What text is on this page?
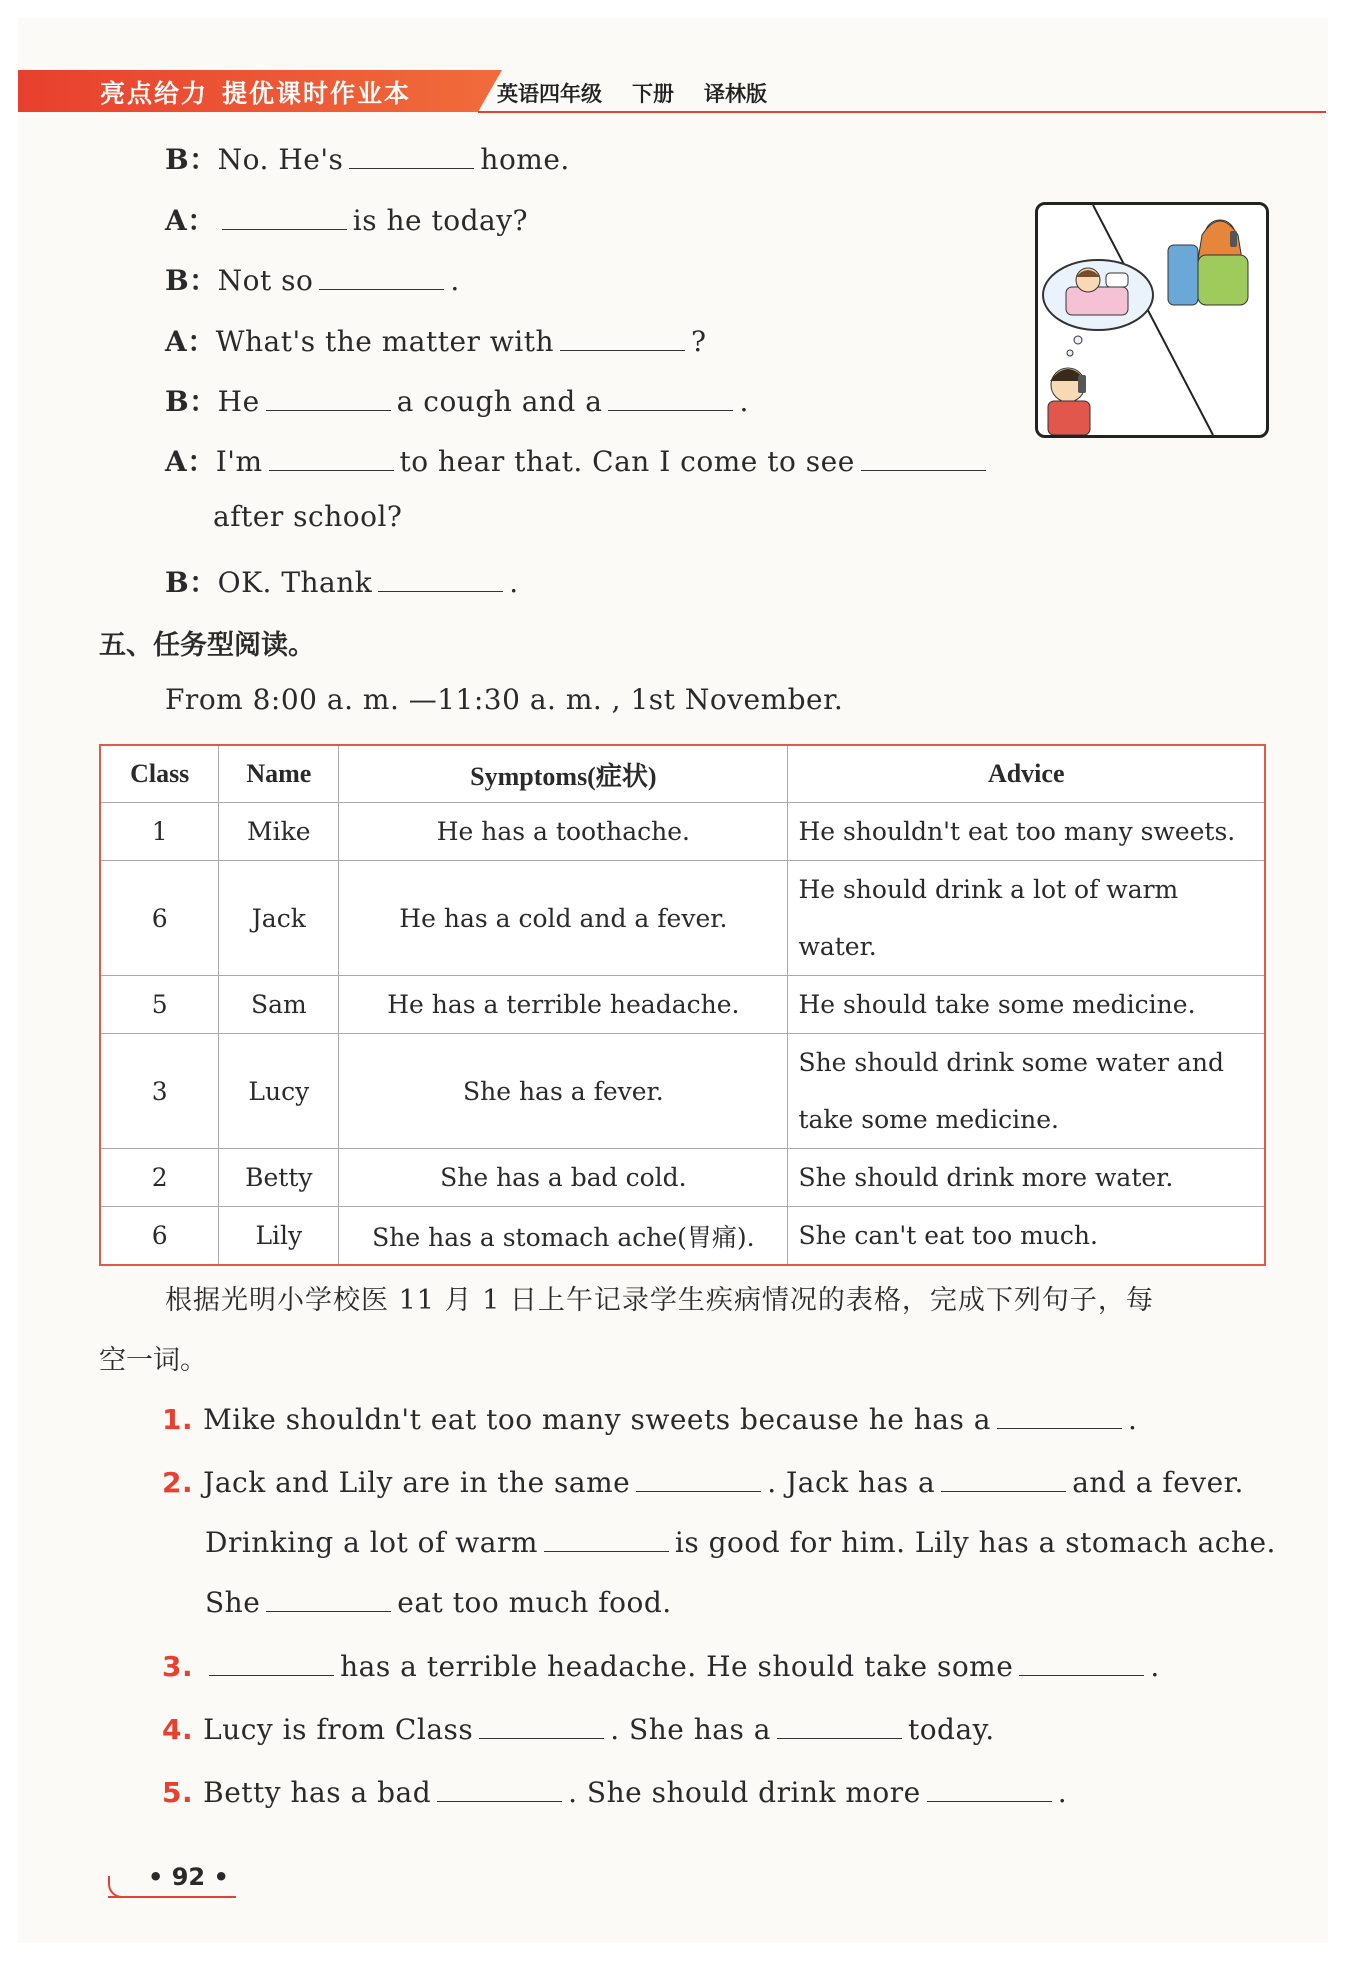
亮点给力 提优课时作业本	英语四年级 下册 译林版
B：No. He's	home.
A：	is he today?
B：Not so	.
A：What's the matter with	?
B：He	a cough and a	.
A：I'm	to hear that. Can I come to see
after school?
B：OK. Thank	.
五、任务型阅读。
From 8:00 a. m. —11:30 a. m. , 1st November.
Class	Name	Symptoms(症状)	Advice
1	Mike	He has a toothache.	He shouldn't eat too many sweets.
6	Jack	He has a cold and a fever.	He should drink a lot of warm water.
5	Sam	He has a terrible headache.	He should take some medicine.
3	Lucy	She has a fever.	She should drink some water and take some medicine.
2	Betty	She has a bad cold.	She should drink more water.
6	Lily	She has a stomach ache(胃痛).	She can't eat too much.
根据光明小学校医 11 月 1 日上午记录学生疾病情况的表格，完成下列句子，每
空一词。
1. Mike shouldn't eat too many sweets because he has a	.
2. Jack and Lily are in the same	. Jack has a	and a fever.
Drinking a lot of warm	is good for him. Lily has a stomach ache.
She	eat too much food.
3.	has a terrible headache. He should take some	.
4. Lucy is from Class	. She has a	today.
5. Betty has a bad	. She should drink more	.
• 92 •
